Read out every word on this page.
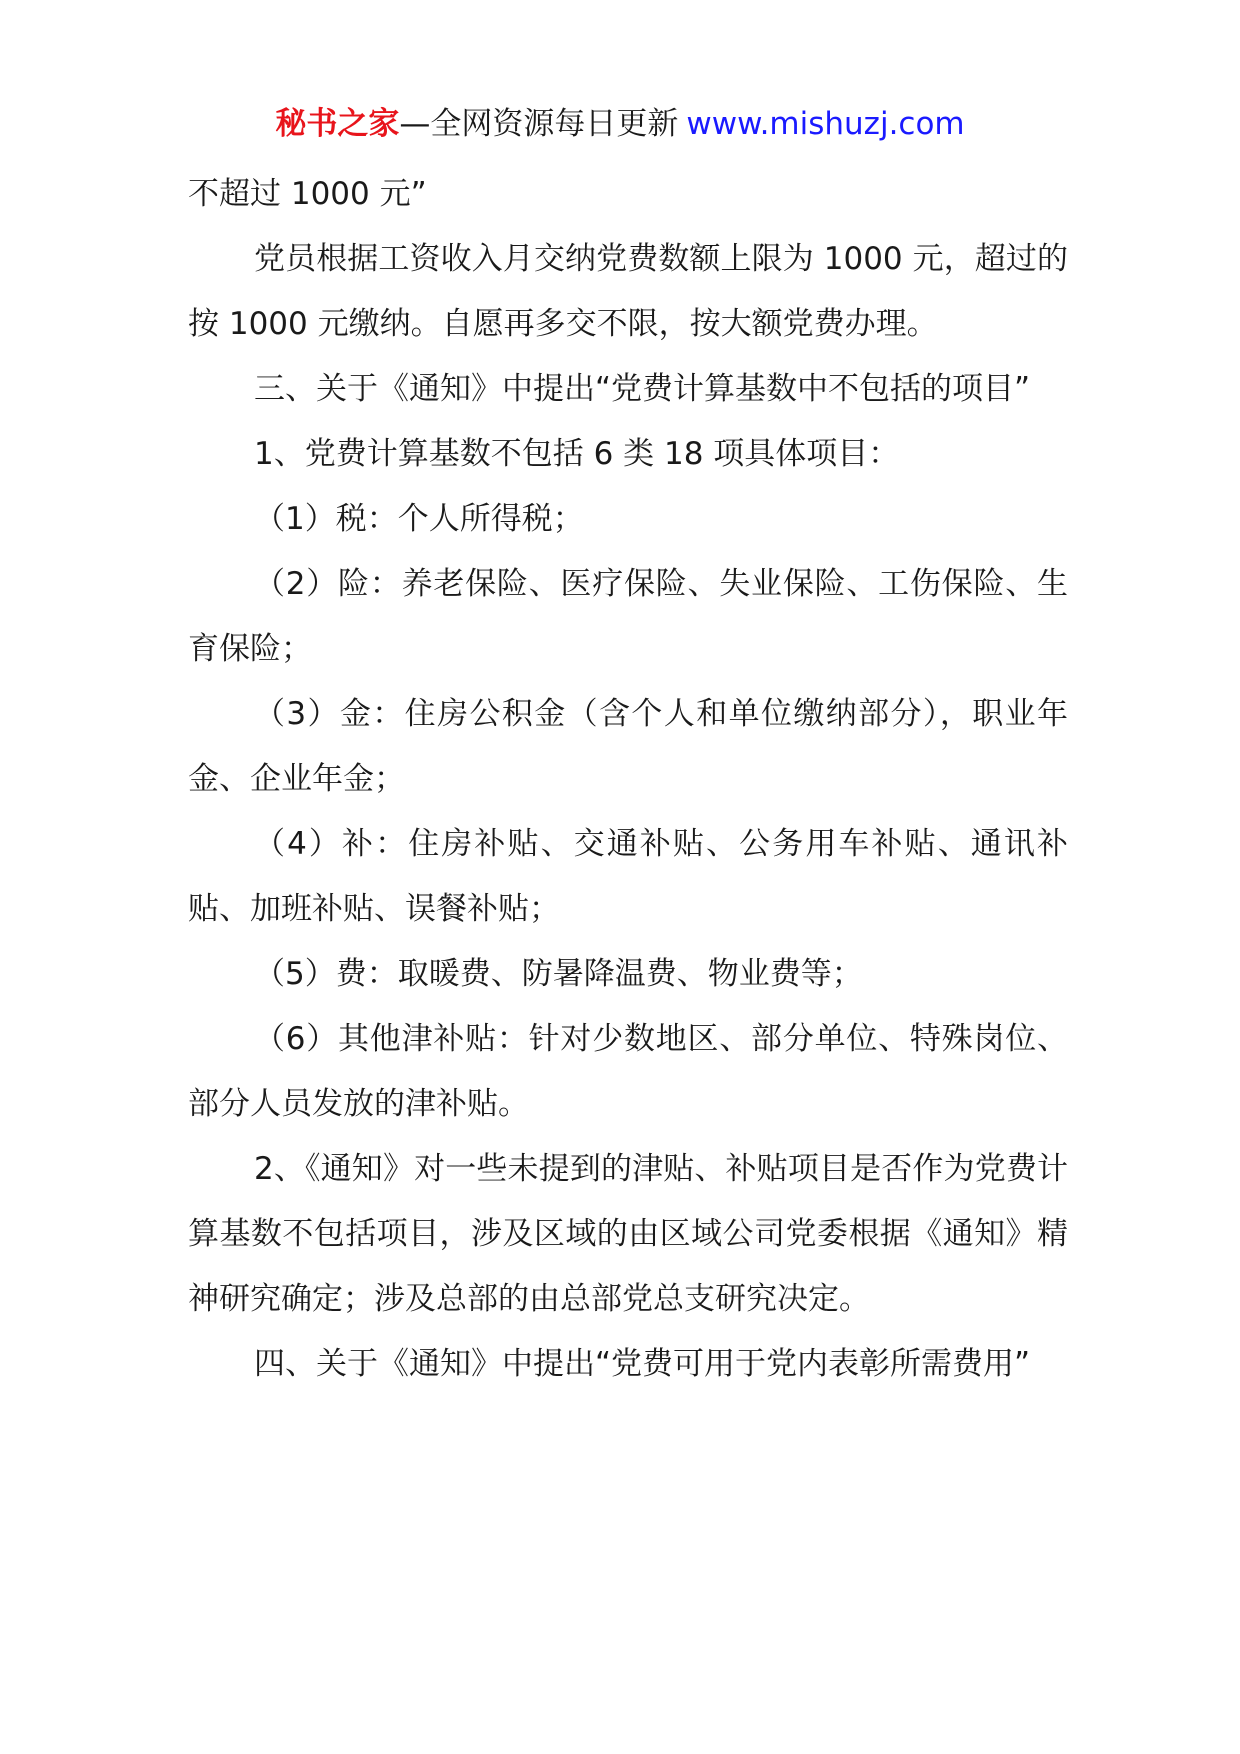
秘书之家—全网资源每日更新 www.mishuzj.com

不超过 1000 元”

党员根据工资收入月交纳党费数额上限为 1000 元，超过的按 1000 元缴纳。自愿再多交不限，按大额党费办理。

三、关于《通知》中提出“党费计算基数中不包括的项目”

1、党费计算基数不包括 6 类 18 项具体项目：

（1）税：个人所得税；

（2）险：养老保险、医疗保险、失业保险、工伤保险、生育保险；

（3）金：住房公积金（含个人和单位缴纳部分），职业年金、企业年金；

（4）补：住房补贴、交通补贴、公务用车补贴、通讯补贴、加班补贴、误餐补贴；

（5）费：取暖费、防暑降温费、物业费等；

（6）其他津补贴：针对少数地区、部分单位、特殊岗位、部分人员发放的津补贴。

2、《通知》对一些未提到的津贴、补贴项目是否作为党费计算基数不包括项目，涉及区域的由区域公司党委根据《通知》精神研究确定；涉及总部的由总部党总支研究决定。

四、关于《通知》中提出“党费可用于党内表彰所需费用”
